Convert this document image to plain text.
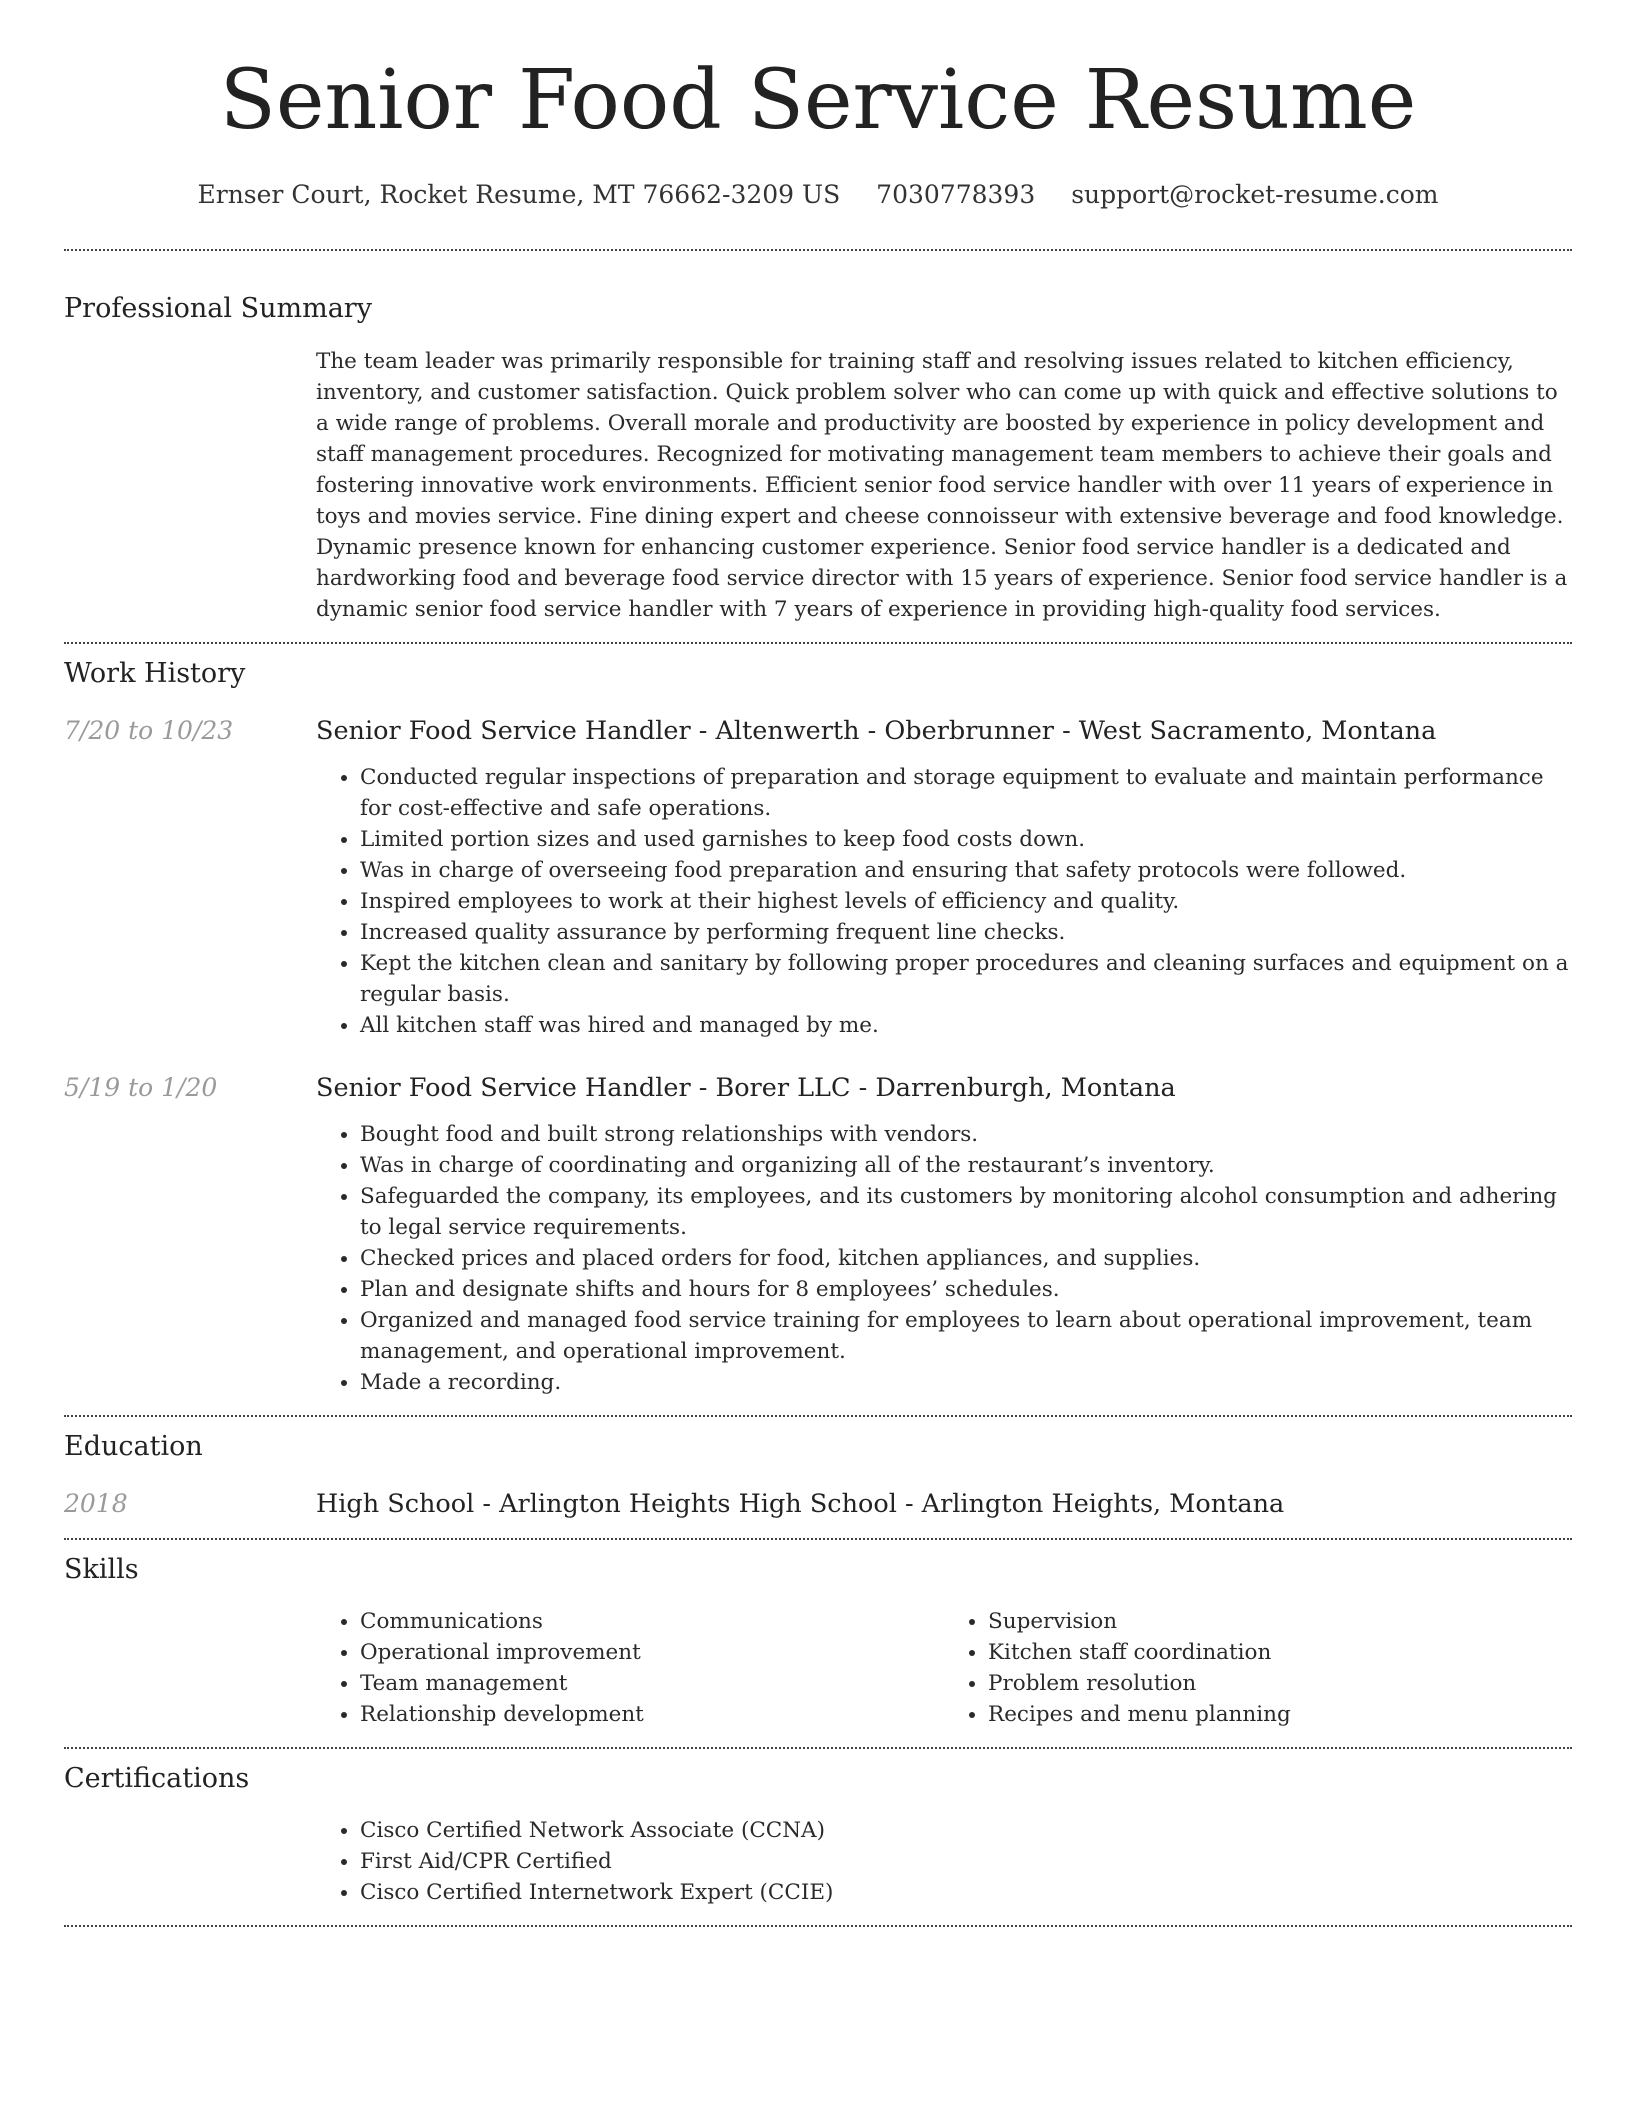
Senior Food Service Resume
Ernser Court, Rocket Resume, MT 76662-3209 US 7030778393 support@rocket-resume.com
Professional Summary
The team leader was primarily responsible for training staff and resolving issues related to kitchen efficiency, inventory, and customer satisfaction. Quick problem solver who can come up with quick and effective solutions to a wide range of problems. Overall morale and productivity are boosted by experience in policy development and staff management procedures. Recognized for motivating management team members to achieve their goals and fostering innovative work environments. Efficient senior food service handler with over 11 years of experience in toys and movies service. Fine dining expert and cheese connoisseur with extensive beverage and food knowledge. Dynamic presence known for enhancing customer experience. Senior food service handler is a dedicated and hardworking food and beverage food service director with 15 years of experience. Senior food service handler is a dynamic senior food service handler with 7 years of experience in providing high-quality food services.
Work History
7/20 to 10/23	Senior Food Service Handler - Altenwerth - Oberbrunner - West Sacramento, Montana
• Conducted regular inspections of preparation and storage equipment to evaluate and maintain performance for cost-effective and safe operations.
• Limited portion sizes and used garnishes to keep food costs down.
• Was in charge of overseeing food preparation and ensuring that safety protocols were followed.
• Inspired employees to work at their highest levels of efficiency and quality.
• Increased quality assurance by performing frequent line checks.
• Kept the kitchen clean and sanitary by following proper procedures and cleaning surfaces and equipment on a regular basis.
• All kitchen staff was hired and managed by me.
5/19 to 1/20	Senior Food Service Handler - Borer LLC - Darrenburgh, Montana
• Bought food and built strong relationships with vendors.
• Was in charge of coordinating and organizing all of the restaurant’s inventory.
• Safeguarded the company, its employees, and its customers by monitoring alcohol consumption and adhering to legal service requirements.
• Checked prices and placed orders for food, kitchen appliances, and supplies.
• Plan and designate shifts and hours for 8 employees’ schedules.
• Organized and managed food service training for employees to learn about operational improvement, team management, and operational improvement.
• Made a recording.
Education
2018	High School - Arlington Heights High School - Arlington Heights, Montana
Skills
• Communications
• Operational improvement
• Team management
• Relationship development
• Supervision
• Kitchen staff coordination
• Problem resolution
• Recipes and menu planning
Certifications
• Cisco Certified Network Associate (CCNA)
• First Aid/CPR Certified
• Cisco Certified Internetwork Expert (CCIE)
